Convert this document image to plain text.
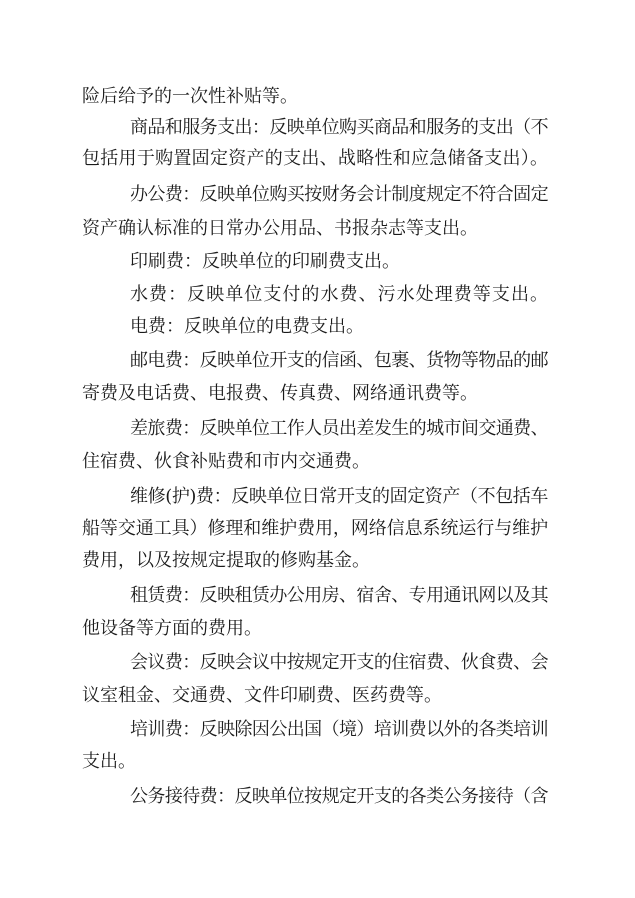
险后给予的一次性补贴等。
商品和服务支出：反映单位购买商品和服务的支出（不
包括用于购置固定资产的支出、战略性和应急储备支出）。
办公费：反映单位购买按财务会计制度规定不符合固定
资产确认标准的日常办公用品、书报杂志等支出。
印刷费：反映单位的印刷费支出。
水费：反映单位支付的水费、污水处理费等支出。
电费：反映单位的电费支出。
邮电费：反映单位开支的信函、包裹、货物等物品的邮
寄费及电话费、电报费、传真费、网络通讯费等。
差旅费：反映单位工作人员出差发生的城市间交通费、
住宿费、伙食补贴费和市内交通费。
维修(护)费：反映单位日常开支的固定资产（不包括车
船等交通工具）修理和维护费用，网络信息系统运行与维护
费用，以及按规定提取的修购基金。
租赁费：反映租赁办公用房、宿舍、专用通讯网以及其
他设备等方面的费用。
会议费：反映会议中按规定开支的住宿费、伙食费、会
议室租金、交通费、文件印刷费、医药费等。
培训费：反映除因公出国（境）培训费以外的各类培训
支出。
公务接待费：反映单位按规定开支的各类公务接待（含
